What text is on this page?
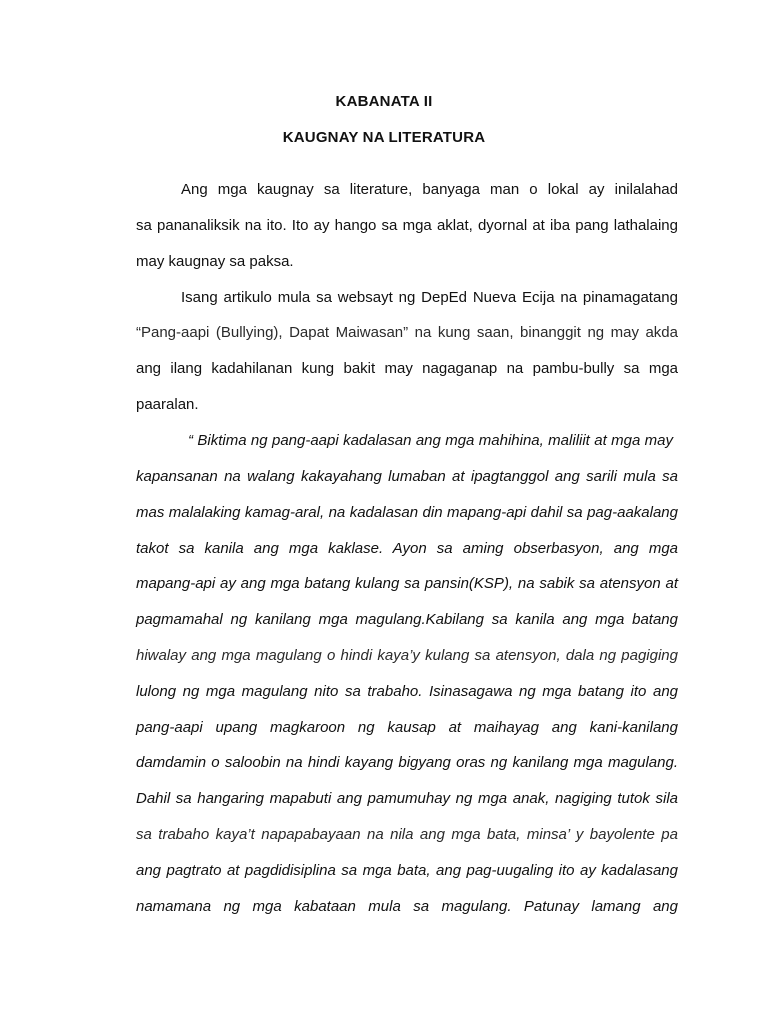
KABANATA II
KAUGNAY NA LITERATURA
Ang mga kaugnay sa literature, banyaga man o lokal ay inilalahad
sa pananaliksik na ito. Ito ay hango sa mga aklat, dyornal at iba pang lathalaing
may kaugnay sa paksa.
Isang artikulo mula sa websayt ng DepEd Nueva Ecija na pinamagatang
“Pang-aapi (Bullying), Dapat Maiwasan” na kung saan, binanggit ng may akda
ang ilang kadahilanan kung bakit may nagaganap na pambu-bully sa mga
paaralan.
“ Biktima ng pang-aapi kadalasan ang mga mahihina, maliliit at mga may
kapansanan na walang kakayahang lumaban at ipagtanggol ang sarili mula sa
mas malalaking kamag-aral, na kadalasan din mapang-api dahil sa pag-aakalang
takot sa kanila ang mga kaklase. Ayon sa aming obserbasyon, ang mga
mapang-api ay ang mga batang kulang sa pansin(KSP), na sabik sa atensyon at
pagmamahal ng kanilang mga magulang.Kabilang sa kanila ang mga batang
hiwalay ang mga magulang o hindi kaya’y kulang sa atensyon, dala ng pagiging
lulong ng mga magulang nito sa trabaho. Isinasagawa ng mga batang ito ang
pang-aapi upang magkaroon ng kausap at maihayag ang kani-kanilang
damdamin o saloobin na hindi kayang bigyang oras ng kanilang mga magulang.
Dahil sa hangaring mapabuti ang pamumuhay ng mga anak, nagiging tutok sila
sa trabaho kaya’t napapabayaan na nila ang mga bata, minsa’ y bayolente pa
ang pagtrato at pagdidisiplina sa mga bata, ang pag-uugaling ito ay kadalasang
namamana ng mga kabataan mula sa magulang. Patunay lamang ang
